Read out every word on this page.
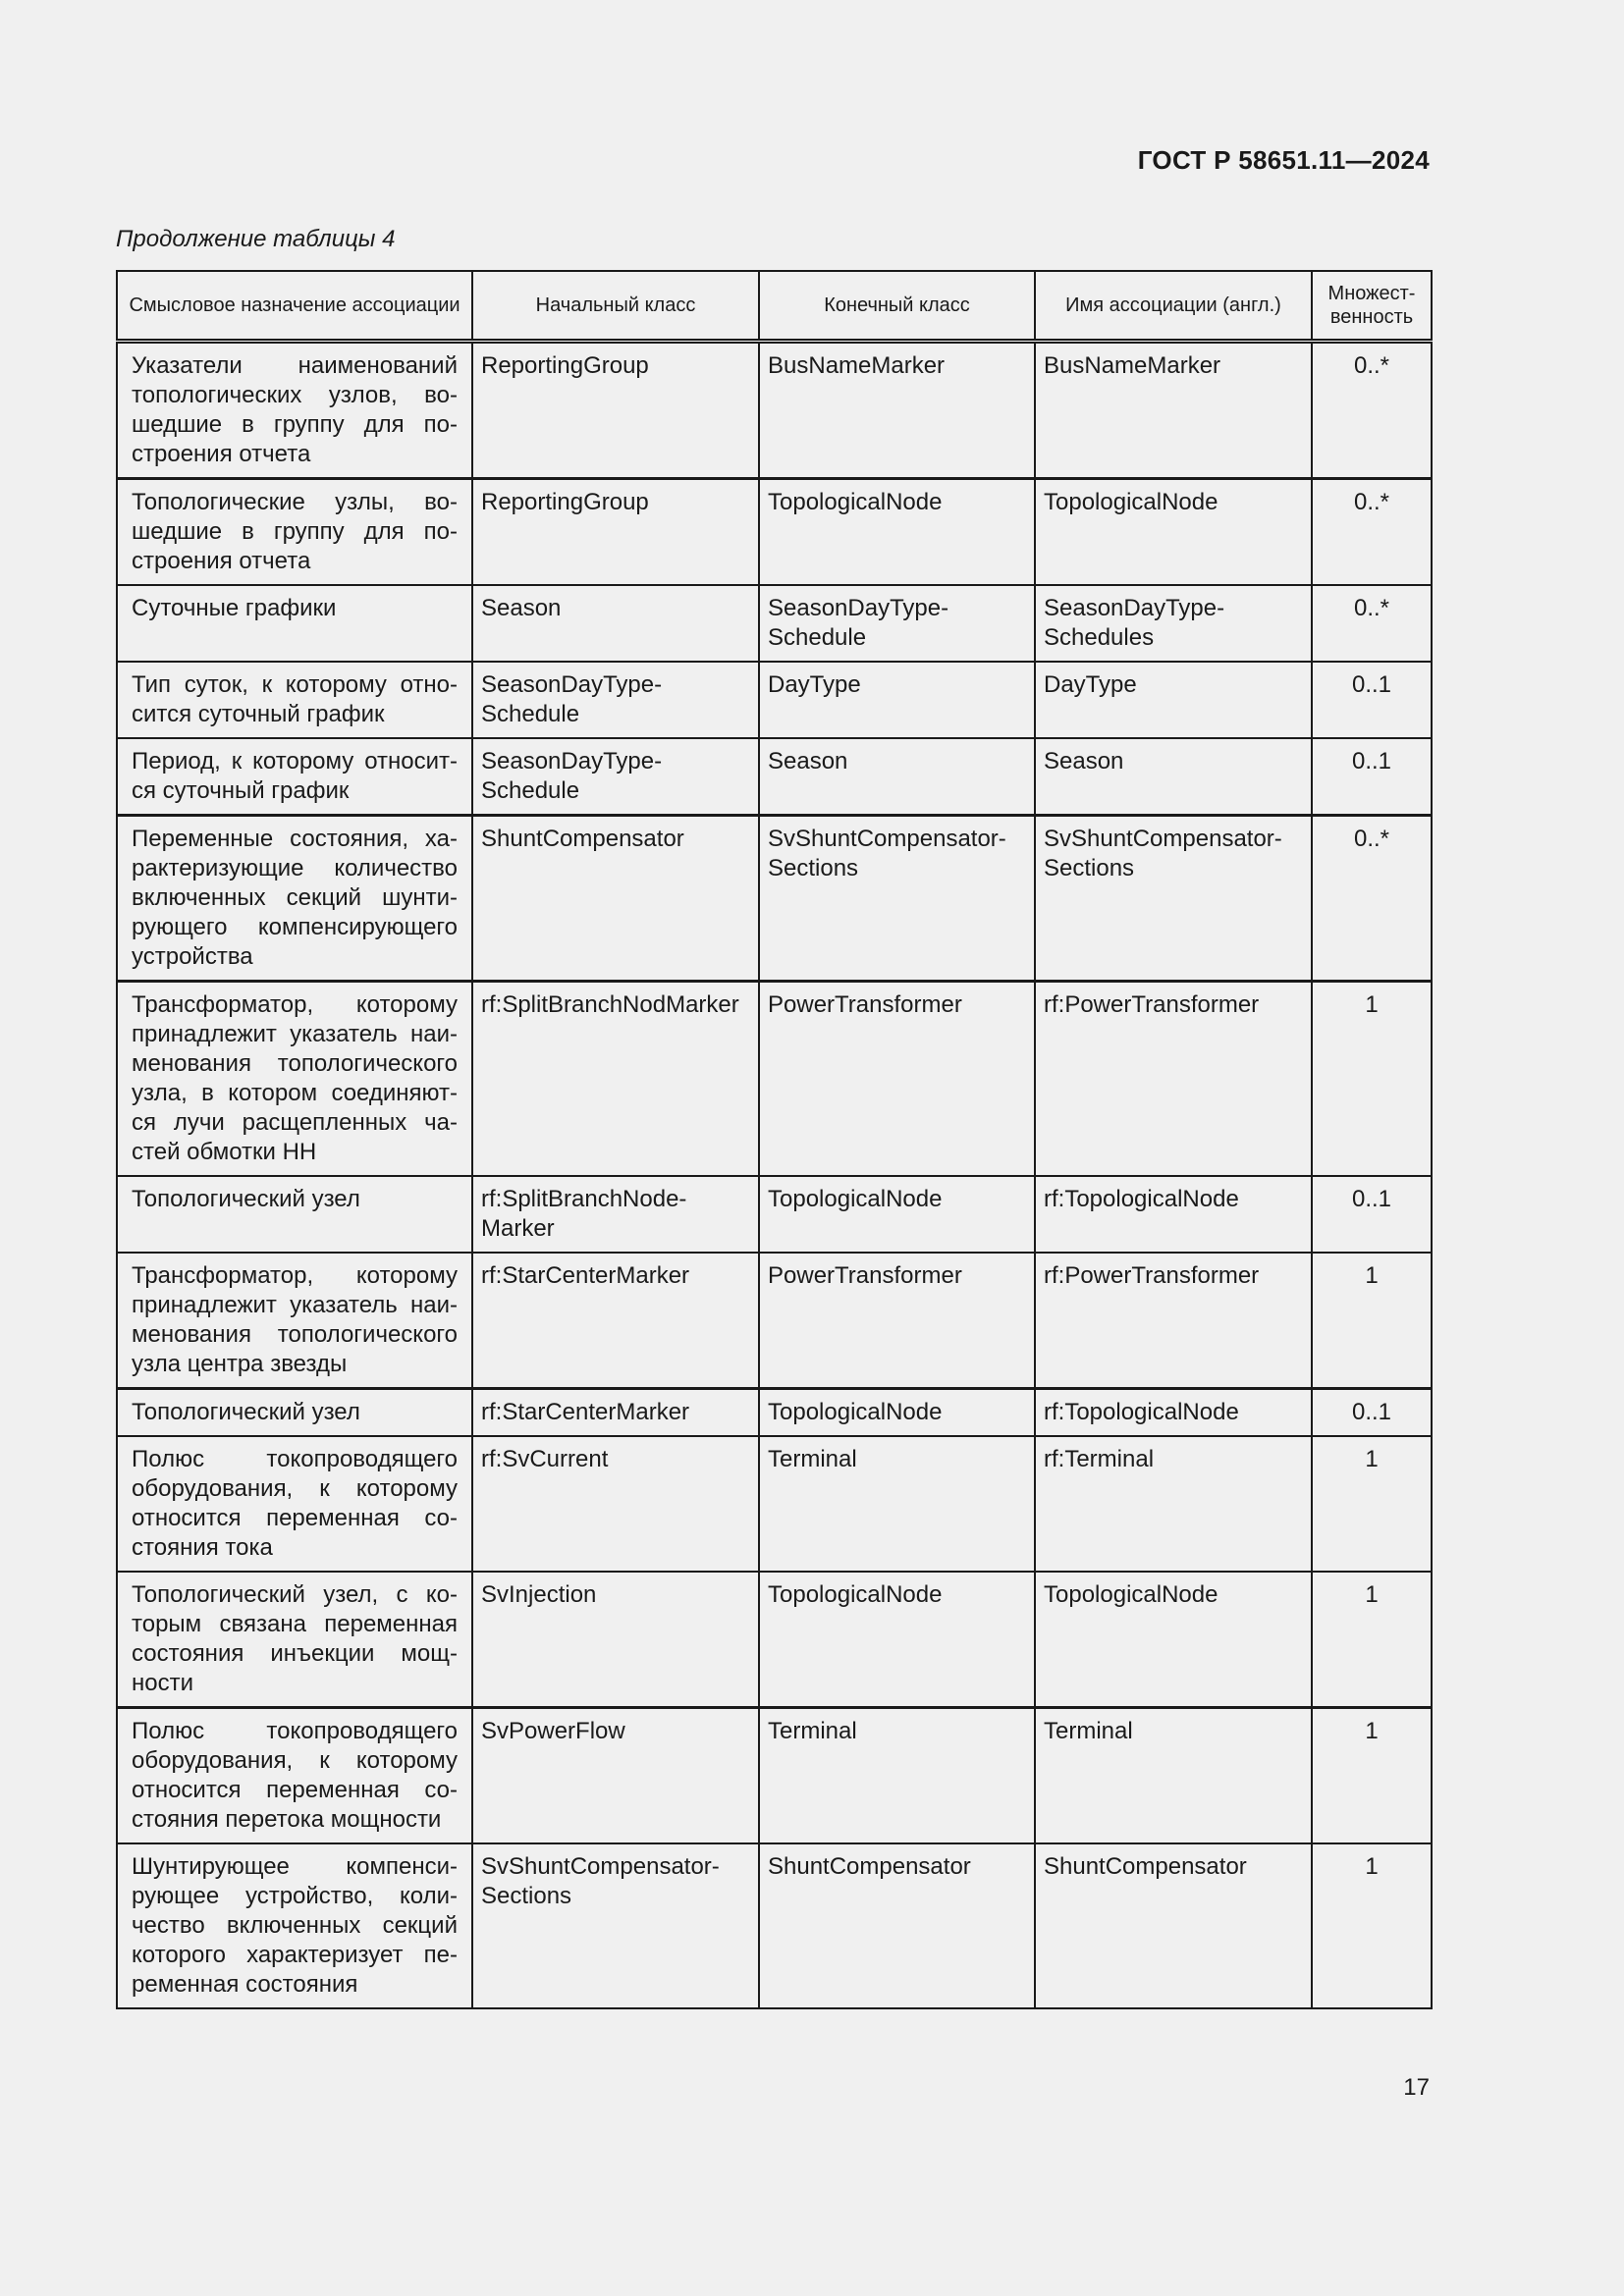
ГОСТ Р 58651.11—2024
Продолжение таблицы 4
Смысловое назначение ассоциации	Начальный класс	Конечный класс	Имя ассоциации (англ.)	Множест-венность
Указатели наименований топологических узлов, во-шедшие в группу для по-строения отчета	ReportingGroup	BusNameMarker	BusNameMarker	0..*
Топологические узлы, во-шедшие в группу для по-строения отчета	ReportingGroup	TopologicalNode	TopologicalNode	0..*
Суточные графики	Season	SeasonDayType-Schedule	SeasonDayType-Schedules	0..*
Тип суток, к которому отно-сится суточный график	SeasonDayType-Schedule	DayType	DayType	0..1
Период, к которому относит-ся суточный график	SeasonDayType-Schedule	Season	Season	0..1
Переменные состояния, ха-рактеризующие количество включенных секций шунти-рующего компенсирующего устройства	ShuntCompensator	SvShuntCompensator-Sections	SvShuntCompensator-Sections	0..*
Трансформатор, которому принадлежит указатель наи-менования топологического узла, в котором соединяют-ся лучи расщепленных ча-стей обмотки НН	rf:SplitBranchNodMarker	PowerTransformer	rf:PowerTransformer	1
Топологический узел	rf:SplitBranchNode-Marker	TopologicalNode	rf:TopologicalNode	0..1
Трансформатор, которому принадлежит указатель наи-менования топологического узла центра звезды	rf:StarCenterMarker	PowerTransformer	rf:PowerTransformer	1
Топологический узел	rf:StarCenterMarker	TopologicalNode	rf:TopologicalNode	0..1
Полюс токопроводящего оборудования, к которому относится переменная со-стояния тока	rf:SvCurrent	Terminal	rf:Terminal	1
Топологический узел, с ко-торым связана переменная состояния инъекции мощ-ности	SvInjection	TopologicalNode	TopologicalNode	1
Полюс токопроводящего оборудования, к которому относится переменная со-стояния перетока мощности	SvPowerFlow	Terminal	Terminal	1
Шунтирующее компенси-рующее устройство, коли-чество включенных секций которого характеризует пе-ременная состояния	SvShuntCompensator-Sections	ShuntCompensator	ShuntCompensator	1
17
